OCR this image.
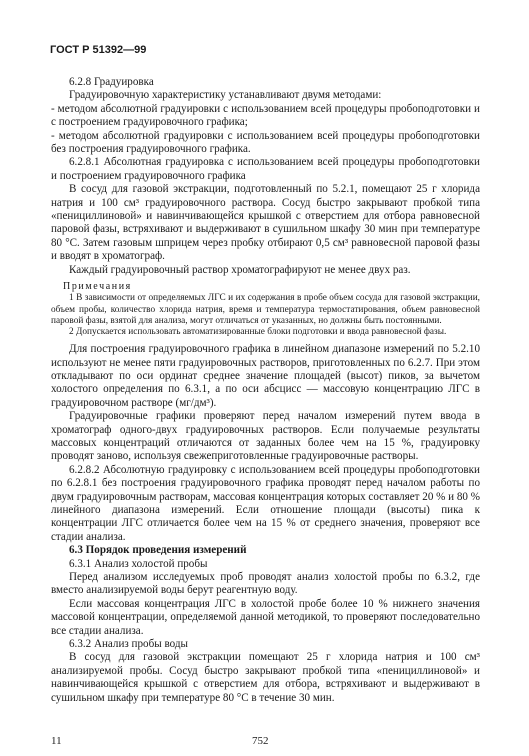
ГОСТ Р 51392—99

6.2.8 Градуировка

Градуировочную характеристику устанавливают двумя методами:

- методом абсолютной градуировки с использованием всей процедуры пробоподготовки и с построением градуировочного графика;

- методом абсолютной градуировки с использованием всей процедуры пробоподготовки без построения градуировочного графика.

6.2.8.1 Абсолютная градуировка с использованием всей процедуры пробоподготовки и построением градуировочного графика

В сосуд для газовой экстракции, подготовленный по 5.2.1, помещают 25 г хлорида натрия и 100 см³ градуировочного раствора. Сосуд быстро закрывают пробкой типа «пенициллиновой» и навинчивающейся крышкой с отверстием для отбора равновесной паровой фазы, встряхивают и выдерживают в сушильном шкафу 30 мин при температуре 80 °С. Затем газовым шприцем через пробку отбирают 0,5 см³ равновесной паровой фазы и вводят в хроматограф.

Каждый градуировочный раствор хроматографируют не менее двух раз.

Примечания

1 В зависимости от определяемых ЛГС и их содержания в пробе объем сосуда для газовой экстракции, объем пробы, количество хлорида натрия, время и температура термостатирования, объем равновесной паровой фазы, взятой для анализа, могут отличаться от указанных, но должны быть постоянными.

2 Допускается использовать автоматизированные блоки подготовки и ввода равновесной фазы.

Для построения градуировочного графика в линейном диапазоне измерений по 5.2.10 используют не менее пяти градуировочных растворов, приготовленных по 6.2.7. При этом откладывают по оси ординат среднее значение площадей (высот) пиков, за вычетом холостого определения по 6.3.1, а по оси абсцисс — массовую концентрацию ЛГС в градуировочном растворе (мг/дм³).

Градуировочные графики проверяют перед началом измерений путем ввода в хроматограф одного-двух градуировочных растворов. Если получаемые результаты массовых концентраций отличаются от заданных более чем на 15 %, градуировку проводят заново, используя свежеприготовленные градуировочные растворы.

6.2.8.2 Абсолютную градуировку с использованием всей процедуры пробоподготовки по 6.2.8.1 без построения градуировочного графика проводят перед началом работы по двум градуировочным растворам, массовая концентрация которых составляет 20 % и 80 % линейного диапазона измерений. Если отношение площади (высоты) пика к концентрации ЛГС отличается более чем на 15 % от среднего значения, проверяют все стадии анализа.

6.3 Порядок проведения измерений

6.3.1 Анализ холостой пробы

Перед анализом исследуемых проб проводят анализ холостой пробы по 6.3.2, где вместо анализируемой воды берут реагентную воду.

Если массовая концентрация ЛГС в холостой пробе более 10 % нижнего значения массовой концентрации, определяемой данной методикой, то проверяют последовательно все стадии анализа.

6.3.2 Анализ пробы воды

В сосуд для газовой экстракции помещают 25 г хлорида натрия и 100 см³ анализируемой пробы. Сосуд быстро закрывают пробкой типа «пенициллиновой» и навинчивающейся крышкой с отверстием для отбора, встряхивают и выдерживают в сушильном шкафу при температуре 80 °С в течение 30 мин.

11	752
